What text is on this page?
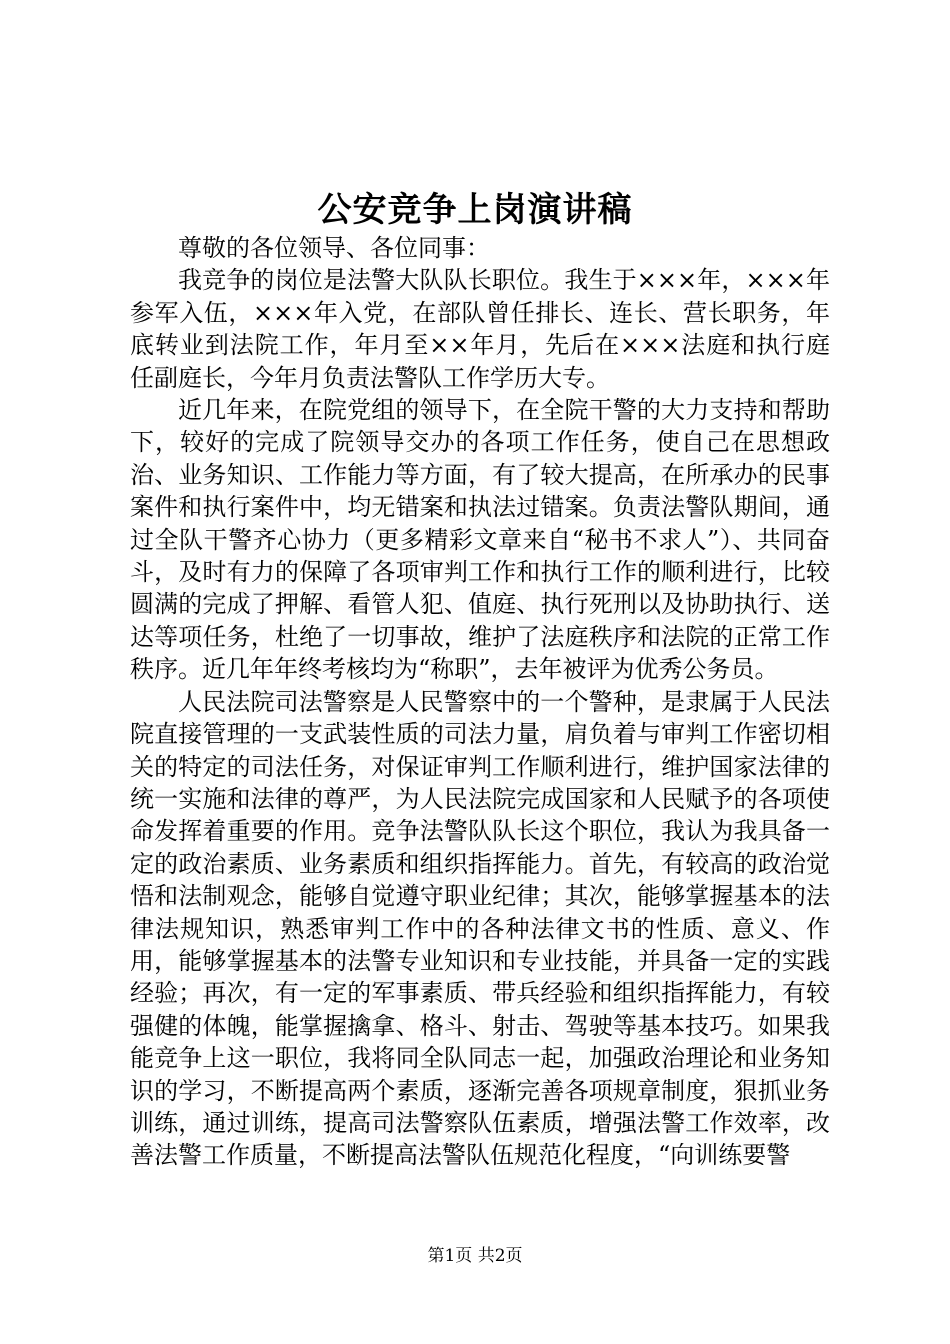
公安竞争上岗演讲稿

尊敬的各位领导、各位同事：

我竞争的岗位是法警大队队长职位。我生于×××年，×××年参军入伍，×××年入党，在部队曾任排长、连长、营长职务，年底转业到法院工作，年月至××年月，先后在×××法庭和执行庭任副庭长，今年月负责法警队工作学历大专。

近几年来，在院党组的领导下，在全院干警的大力支持和帮助下，较好的完成了院领导交办的各项工作任务，使自己在思想政治、业务知识、工作能力等方面，有了较大提高，在所承办的民事案件和执行案件中，均无错案和执法过错案。负责法警队期间，通过全队干警齐心协力（更多精彩文章来自“秘书不求人”）、共同奋斗，及时有力的保障了各项审判工作和执行工作的顺利进行，比较圆满的完成了押解、看管人犯、值庭、执行死刑以及协助执行、送达等项任务，杜绝了一切事故，维护了法庭秩序和法院的正常工作秩序。近几年年终考核均为“称职”，去年被评为优秀公务员。

人民法院司法警察是人民警察中的一个警种，是隶属于人民法院直接管理的一支武装性质的司法力量，肩负着与审判工作密切相关的特定的司法任务，对保证审判工作顺利进行，维护国家法律的统一实施和法律的尊严，为人民法院完成国家和人民赋予的各项使命发挥着重要的作用。竞争法警队队长这个职位，我认为我具备一定的政治素质、业务素质和组织指挥能力。首先，有较高的政治觉悟和法制观念，能够自觉遵守职业纪律；其次，能够掌握基本的法律法规知识，熟悉审判工作中的各种法律文书的性质、意义、作用，能够掌握基本的法警专业知识和专业技能，并具备一定的实践经验；再次，有一定的军事素质、带兵经验和组织指挥能力，有较强健的体魄，能掌握擒拿、格斗、射击、驾驶等基本技巧。如果我能竞争上这一职位，我将同全队同志一起，加强政治理论和业务知识的学习，不断提高两个素质，逐渐完善各项规章制度，狠抓业务训练，通过训练，提高司法警察队伍素质，增强法警工作效率，改善法警工作质量，不断提高法警队伍规范化程度，“向训练要警

第1页 共2页
